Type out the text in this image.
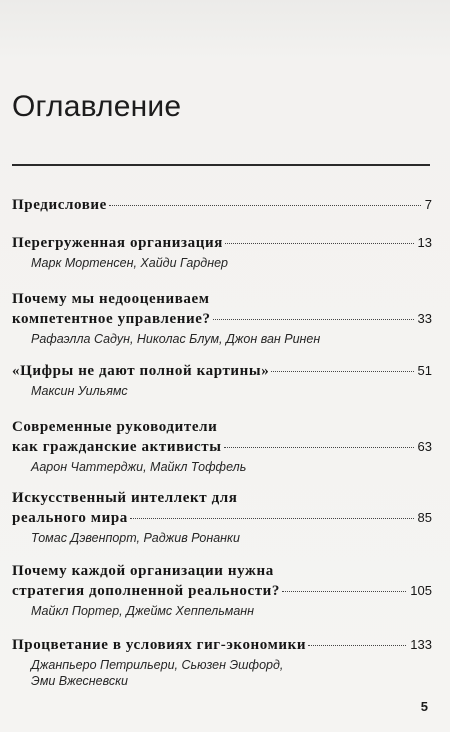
Оглавление
Предисловие	7
Перегруженная организация	13
Марк Мортенсен, Хайди Гарднер
Почему мы недооцениваем
компетентное управление?	33
Рафаэлла Садун, Николас Блум, Джон ван Ринен
«Цифры не дают полной картины»	51
Максин Уильямс
Современные руководители
как гражданские активисты	63
Аарон Чаттерджи, Майкл Тоффель
Искусственный интеллект для
реального мира	85
Томас Дэвенпорт, Раджив Ронанки
Почему каждой организации нужна
стратегия дополненной реальности?	105
Майкл Портер, Джеймс Хеппельманн
Процветание в условиях гиг-экономики	133
Джанпьеро Петрильери, Сьюзен Эшфорд,
Эми Вжесневски
5
